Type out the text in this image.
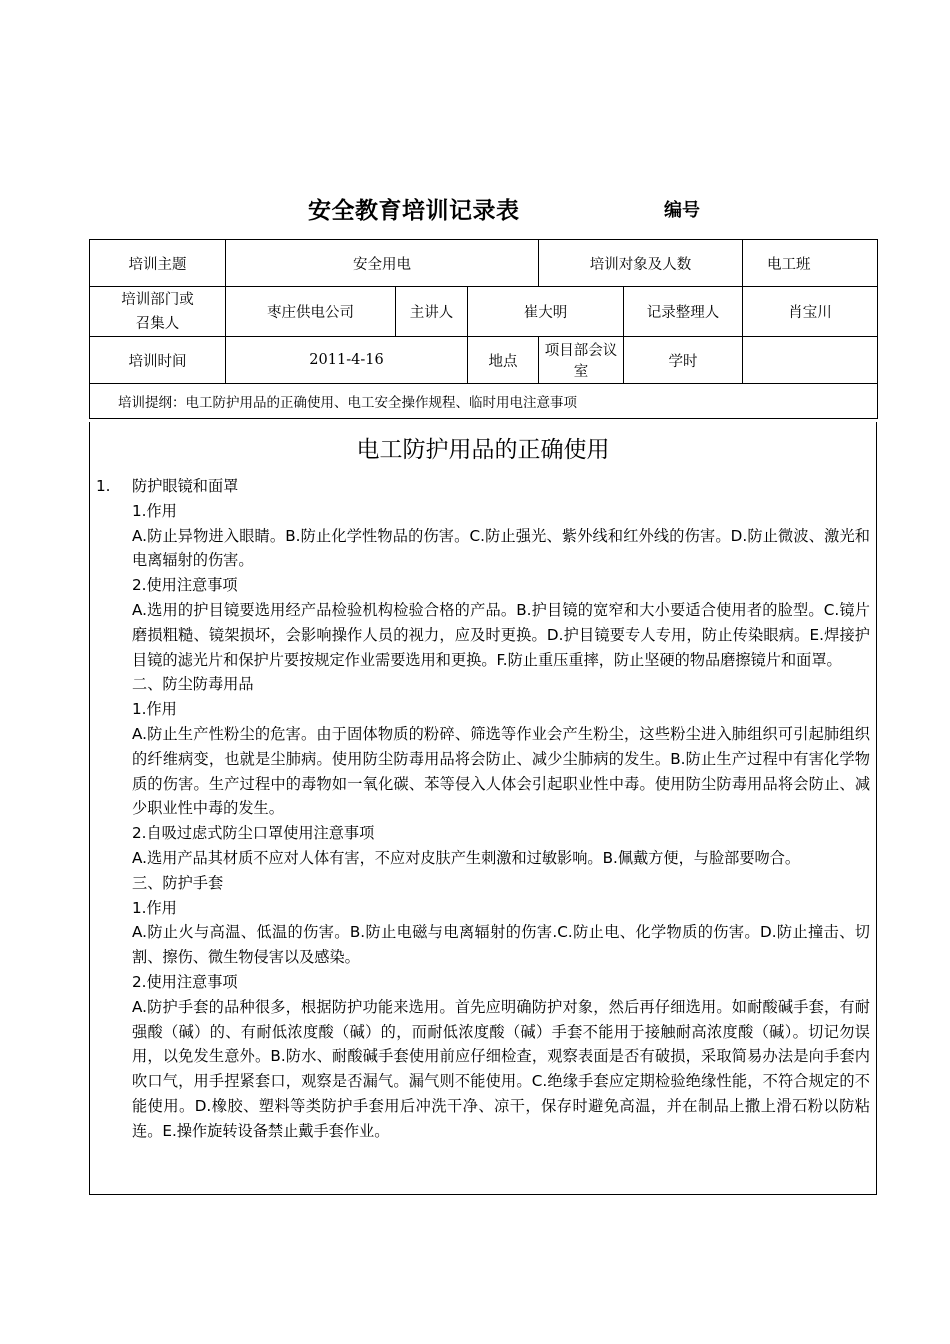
安全教育培训记录表	编号
培训主题	安全用电			培训对象及人数		电工班

培训部门或
召集人	枣庄供电公司	主讲人	崔大明		记录整理人	肖宝川
培训时间	2011-4-16		地点	项目部会议室	学时	
培训提纲：电工防护用品的正确使用、电工安全操作规程、临时用电注意事项						
电工防护用品的正确使用
1.	防护眼镜和面罩

1.作用

A.防止异物进入眼睛。B.防止化学性物品的伤害。C.防止强光、紫外线和红外线的伤害。D.防止微波、激光和电离辐射的伤害。

2.使用注意事项

A.选用的护目镜要选用经产品检验机构检验合格的产品。B.护目镜的宽窄和大小要适合使用者的脸型。C.镜片磨损粗糙、镜架损坏，会影响操作人员的视力，应及时更换。D.护目镜要专人专用，防止传染眼病。E.焊接护目镜的滤光片和保护片要按规定作业需要选用和更换。F.防止重压重摔，防止坚硬的物品磨擦镜片和面罩。

二、防尘防毒用品

1.作用

A.防止生产性粉尘的危害。由于固体物质的粉碎、筛选等作业会产生粉尘，这些粉尘进入肺组织可引起肺组织的纤维病变，也就是尘肺病。使用防尘防毒用品将会防止、减少尘肺病的发生。B.防止生产过程中有害化学物质的伤害。生产过程中的毒物如一氧化碳、苯等侵入人体会引起职业性中毒。使用防尘防毒用品将会防止、减少职业性中毒的发生。

2.自吸过虑式防尘口罩使用注意事项

A.选用产品其材质不应对人体有害，不应对皮肤产生刺激和过敏影响。B.佩戴方便，与脸部要吻合。

三、防护手套

1.作用

A.防止火与高温、低温的伤害。B.防止电磁与电离辐射的伤害.C.防止电、化学物质的伤害。D.防止撞击、切割、擦伤、微生物侵害以及感染。

2.使用注意事项

A.防护手套的品种很多，根据防护功能来选用。首先应明确防护对象，然后再仔细选用。如耐酸碱手套，有耐强酸（碱）的、有耐低浓度酸（碱）的，而耐低浓度酸（碱）手套不能用于接触耐高浓度酸（碱）。切记勿误用，以免发生意外。B.防水、耐酸碱手套使用前应仔细检查，观察表面是否有破损，采取简易办法是向手套内吹口气，用手捏紧套口，观察是否漏气。漏气则不能使用。C.绝缘手套应定期检验绝缘性能，不符合规定的不能使用。D.橡胶、塑料等类防护手套用后冲洗干净、凉干，保存时避免高温，并在制品上撒上滑石粉以防粘连。E.操作旋转设备禁止戴手套作业。
